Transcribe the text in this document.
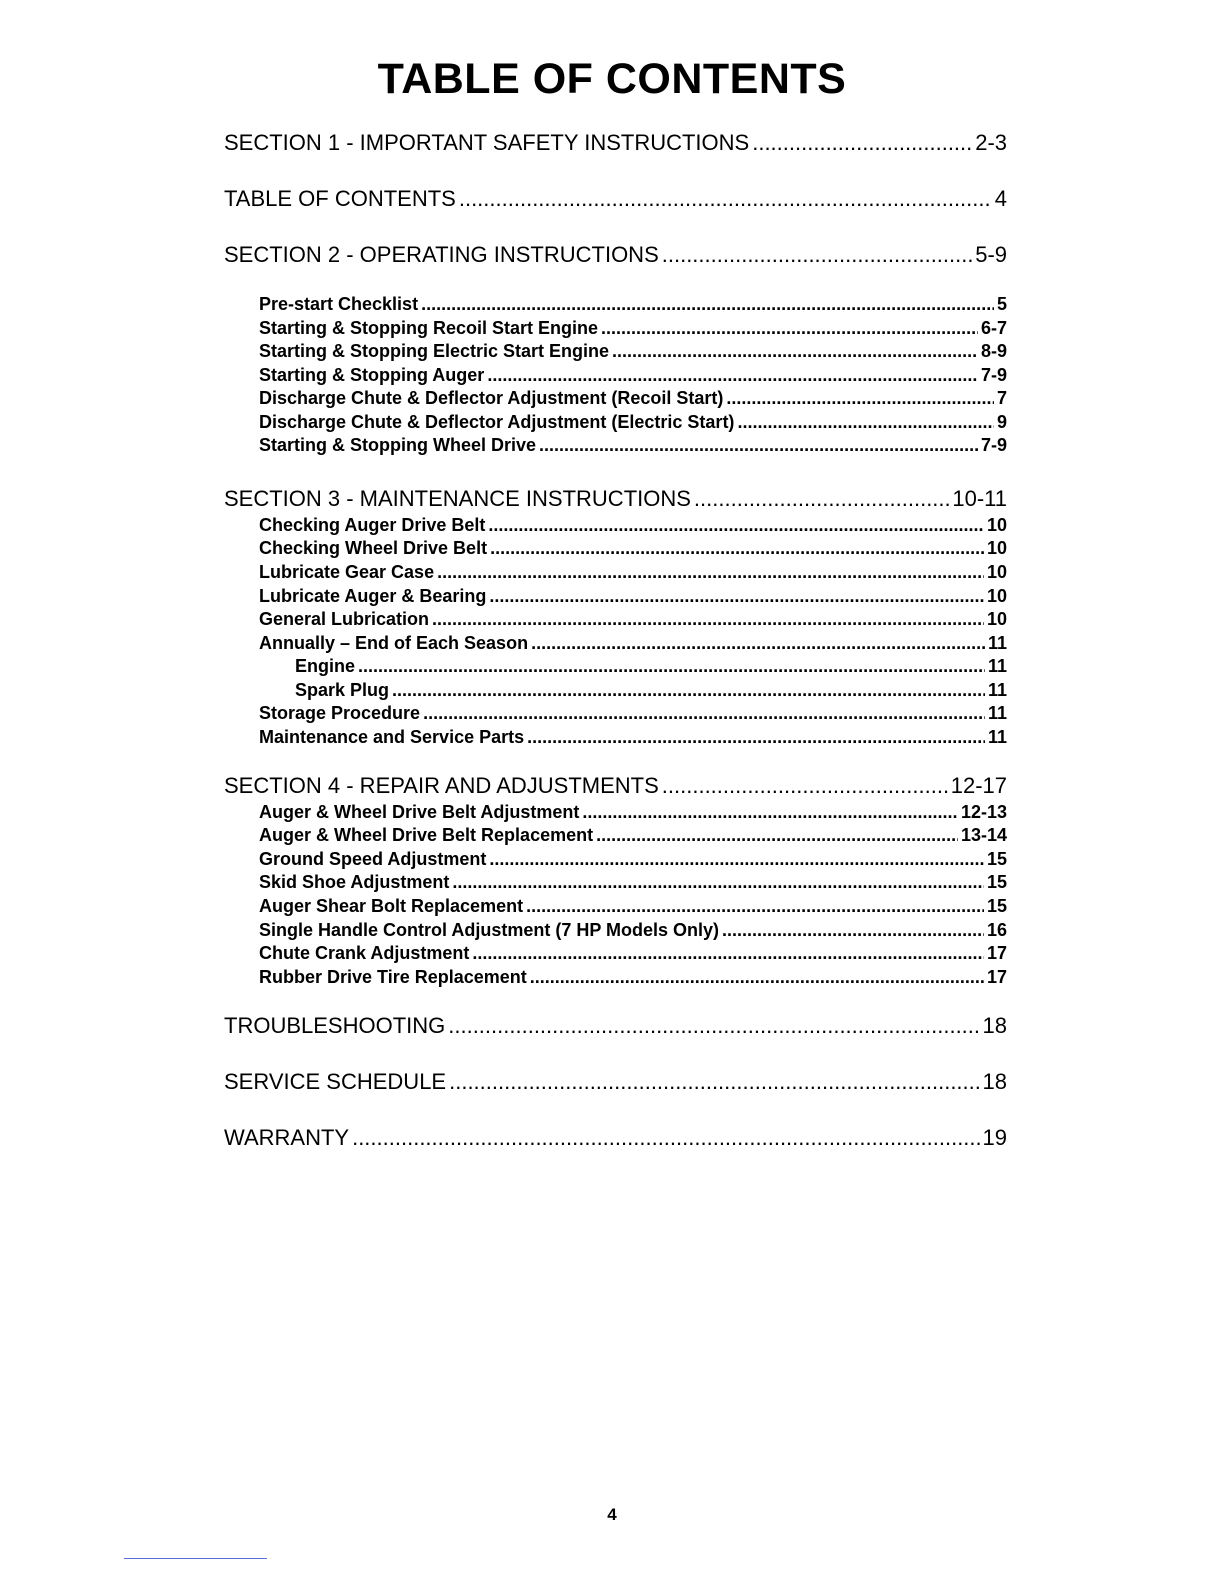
TABLE OF CONTENTS
SECTION 1 - IMPORTANT SAFETY INSTRUCTIONS .....	2-3
TABLE OF CONTENTS .....	4
SECTION 2 - OPERATING INSTRUCTIONS .....	5-9
Pre-start Checklist .....	5
Starting & Stopping Recoil Start Engine .....	6-7
Starting & Stopping Electric Start Engine .....	8-9
Starting & Stopping Auger .....	7-9
Discharge Chute & Deflector Adjustment (Recoil Start) .....	7
Discharge Chute & Deflector Adjustment (Electric Start) .....	9
Starting & Stopping Wheel Drive .....	7-9
SECTION 3 - MAINTENANCE INSTRUCTIONS .....	10-11
Checking Auger Drive Belt .....	10
Checking Wheel Drive Belt .....	10
Lubricate Gear Case .....	10
Lubricate Auger & Bearing .....	10
General Lubrication .....	10
Annually – End of Each Season .....	11
Engine .....	11
Spark Plug .....	11
Storage Procedure .....	11
Maintenance and Service Parts .....	11
SECTION 4 - REPAIR AND ADJUSTMENTS .....	12-17
Auger & Wheel Drive Belt Adjustment .....	12-13
Auger & Wheel Drive Belt Replacement .....	13-14
Ground Speed Adjustment .....	15
Skid Shoe Adjustment .....	15
Auger Shear Bolt Replacement .....	15
Single Handle Control Adjustment (7 HP Models Only) .....	16
Chute Crank Adjustment .....	17
Rubber Drive Tire Replacement .....	17
TROUBLESHOOTING .....	18
SERVICE SCHEDULE .....	18
WARRANTY .....	19
4
